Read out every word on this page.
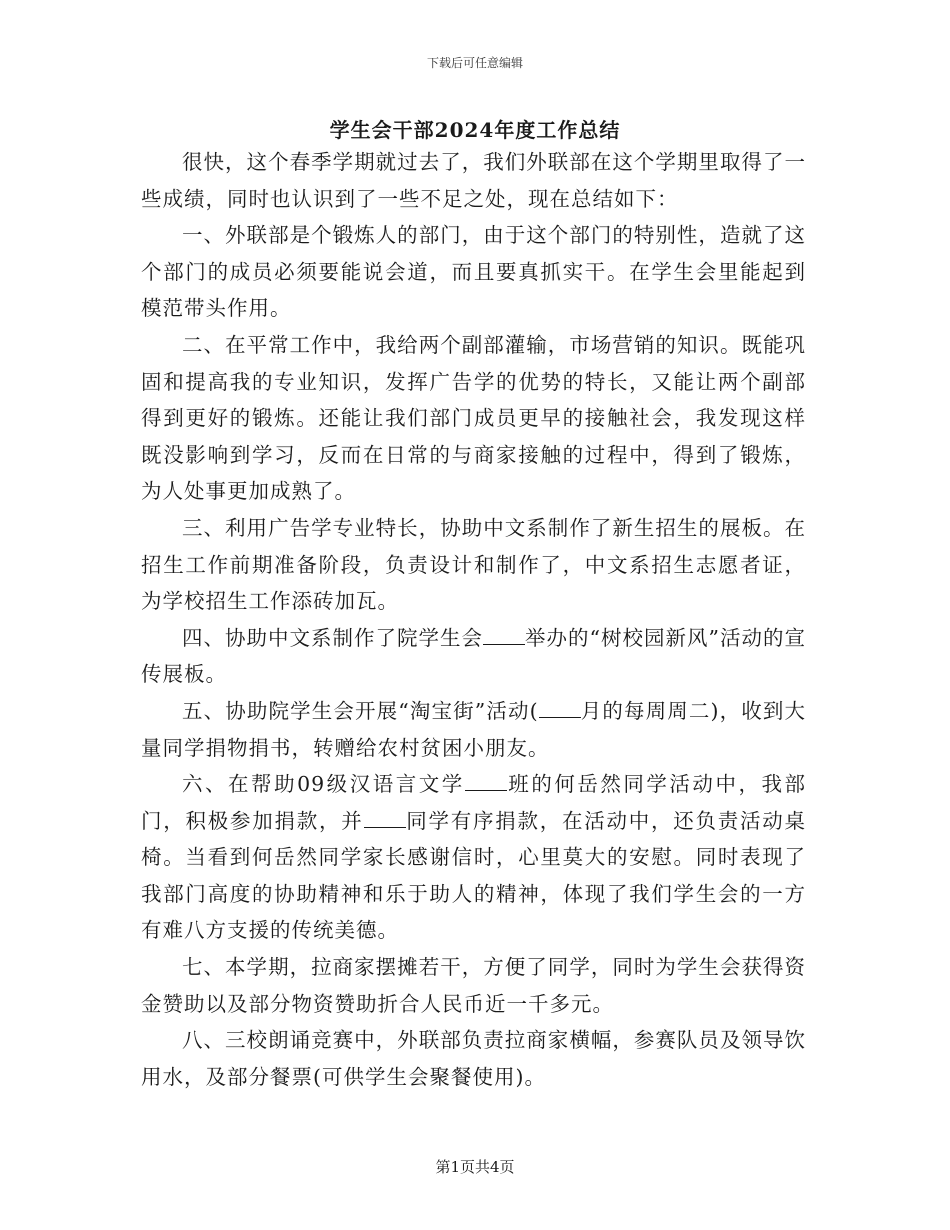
下载后可任意编辑
学生会干部2024年度工作总结

很快，这个春季学期就过去了，我们外联部在这个学期里取得了一些成绩，同时也认识到了一些不足之处，现在总结如下：

一、外联部是个锻炼人的部门，由于这个部门的特别性，造就了这个部门的成员必须要能说会道，而且要真抓实干。在学生会里能起到模范带头作用。

二、在平常工作中，我给两个副部灌输，市场营销的知识。既能巩固和提高我的专业知识，发挥广告学的优势的特长，又能让两个副部得到更好的锻炼。还能让我们部门成员更早的接触社会，我发现这样既没影响到学习，反而在日常的与商家接触的过程中，得到了锻炼，为人处事更加成熟了。

三、利用广告学专业特长，协助中文系制作了新生招生的展板。在招生工作前期准备阶段，负责设计和制作了，中文系招生志愿者证，为学校招生工作添砖加瓦。

四、协助中文系制作了院学生会 举办的“树校园新风”活动的宣传展板。

五、协助院学生会开展“淘宝街”活动( 月的每周周二)，收到大量同学捐物捐书，转赠给农村贫困小朋友。

六、在帮助09级汉语言文学 班的何岳然同学活动中，我部门，积极参加捐款，并 同学有序捐款，在活动中，还负责活动桌椅。当看到何岳然同学家长感谢信时，心里莫大的安慰。同时表现了我部门高度的协助精神和乐于助人的精神，体现了我们学生会的一方有难八方支援的传统美德。

七、本学期，拉商家摆摊若干，方便了同学，同时为学生会获得资金赞助以及部分物资赞助折合人民币近一千多元。

八、三校朗诵竞赛中，外联部负责拉商家横幅，参赛队员及领导饮用水，及部分餐票(可供学生会聚餐使用)。

第1页共4页
